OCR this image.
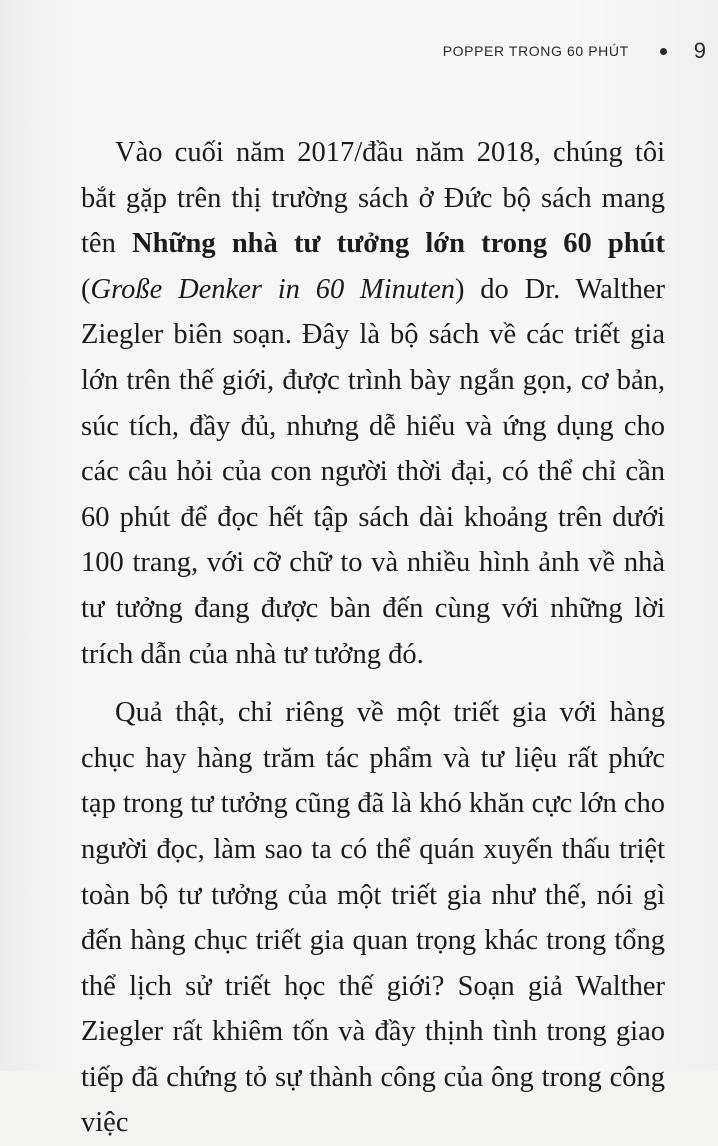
POPPER TRONG 60 PHÚT	9

Vào cuối năm 2017/đầu năm 2018, chúng tôi bắt gặp trên thị trường sách ở Đức bộ sách mang tên Những nhà tư tưởng lớn trong 60 phút (Große Denker in 60 Minuten) do Dr. Walther Ziegler biên soạn. Đây là bộ sách về các triết gia lớn trên thế giới, được trình bày ngắn gọn, cơ bản, súc tích, đầy đủ, nhưng dễ hiểu và ứng dụng cho các câu hỏi của con người thời đại, có thể chỉ cần 60 phút để đọc hết tập sách dài khoảng trên dưới 100 trang, với cỡ chữ to và nhiều hình ảnh về nhà tư tưởng đang được bàn đến cùng với những lời trích dẫn của nhà tư tưởng đó.

Quả thật, chỉ riêng về một triết gia với hàng chục hay hàng trăm tác phẩm và tư liệu rất phức tạp trong tư tưởng cũng đã là khó khăn cực lớn cho người đọc, làm sao ta có thể quán xuyến thấu triệt toàn bộ tư tưởng của một triết gia như thế, nói gì đến hàng chục triết gia quan trọng khác trong tổng thể lịch sử triết học thế giới? Soạn giả Walther Ziegler rất khiêm tốn và đầy thịnh tình trong giao tiếp đã chứng tỏ sự thành công của ông trong công việc
